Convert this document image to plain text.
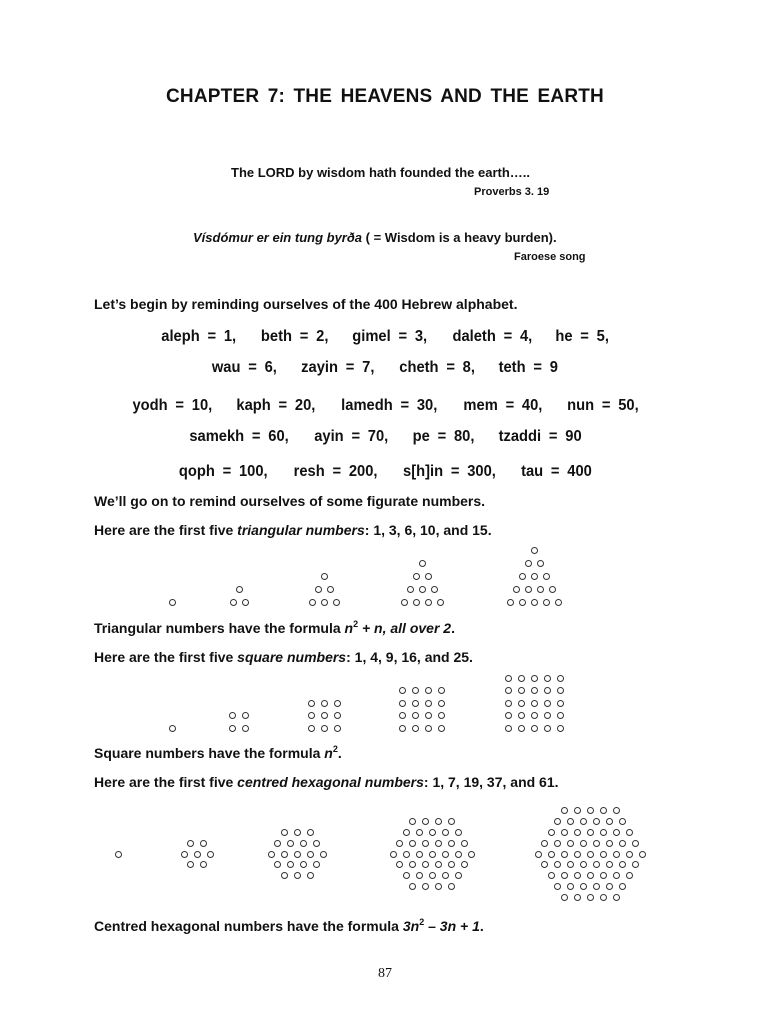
CHAPTER 7: THE HEAVENS AND THE EARTH
The LORD by wisdom hath founded the earth…..
Proverbs 3. 19
Vísdómur er ein tung byrða ( = Wisdom is a heavy burden).
Faroese song
Let’s begin by reminding ourselves of the 400 Hebrew alphabet.
aleph = 1, beth = 2, gimel = 3, daleth = 4, he = 5,
wau = 6, zayin = 7, cheth = 8, teth = 9
yodh = 10, kaph = 20, lamedh = 30, mem = 40, nun = 50,
samekh = 60, ayin = 70, pe = 80, tzaddi = 90
qoph = 100, resh = 200, s[h]in = 300, tau = 400
We’ll go on to remind ourselves of some figurate numbers.
Here are the first five triangular numbers: 1, 3, 6, 10, and 15.
Triangular numbers have the formula $n^2 + n$, all over 2.
Here are the first five square numbers: 1, 4, 9, 16, and 25.
Square numbers have the formula $n^2$.
Here are the first five centred hexagonal numbers: 1, 7, 19, 37, and 61.
Centred hexagonal numbers have the formula $3n^2 - 3n + 1$.
87
